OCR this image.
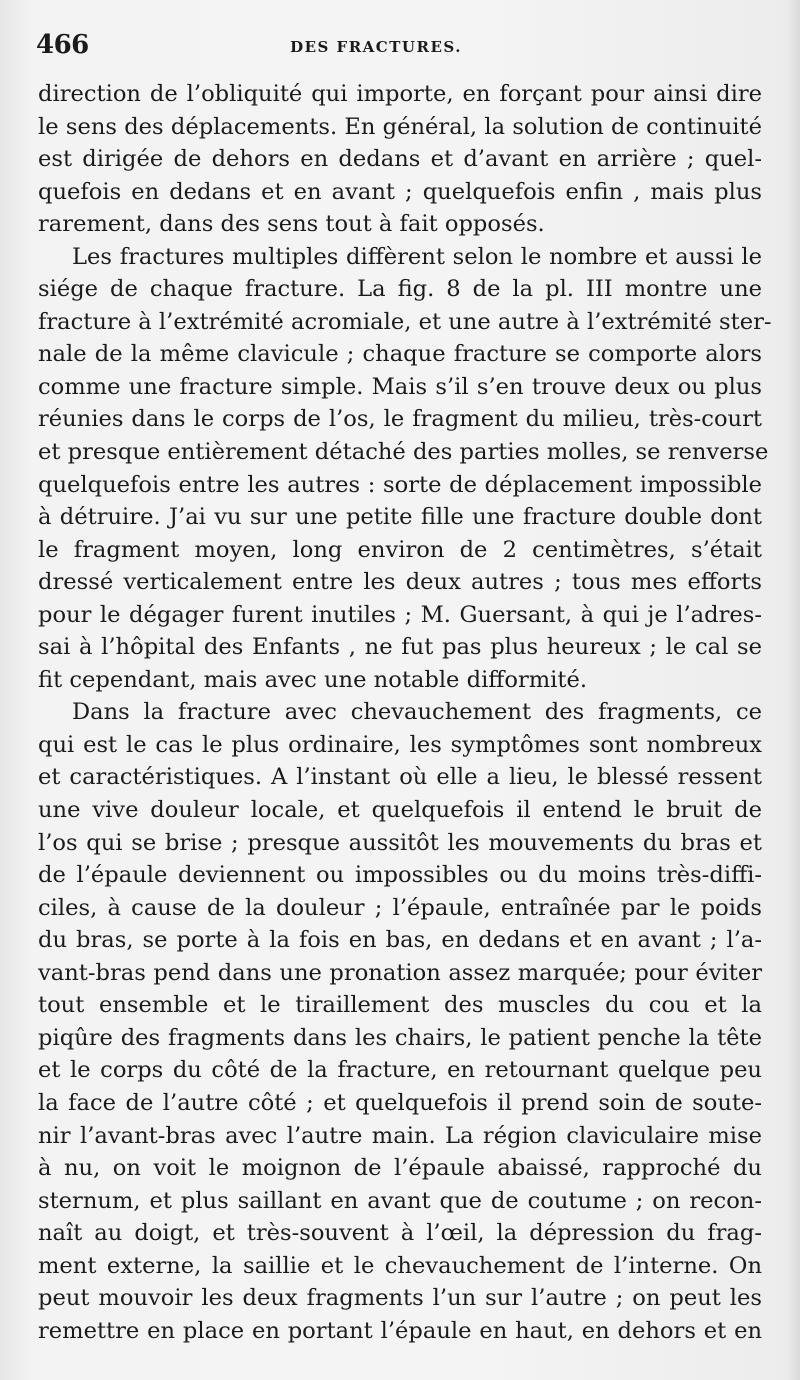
466	DES FRACTURES.
direction de l’obliquité qui importe, en forçant pour ainsi dire
le sens des déplacements. En général, la solution de continuité
est dirigée de dehors en dedans et d’avant en arrière ; quel-
quefois en dedans et en avant ; quelquefois enfin , mais plus
rarement, dans des sens tout à fait opposés.
Les fractures multiples diffèrent selon le nombre et aussi le
siége de chaque fracture. La fig. 8 de la pl. III montre une
fracture à l’extrémité acromiale, et une autre à l’extrémité ster-
nale de la même clavicule ; chaque fracture se comporte alors
comme une fracture simple. Mais s’il s’en trouve deux ou plus
réunies dans le corps de l’os, le fragment du milieu, très-court
et presque entièrement détaché des parties molles, se renverse
quelquefois entre les autres : sorte de déplacement impossible
à détruire. J’ai vu sur une petite fille une fracture double dont
le fragment moyen, long environ de 2 centimètres, s’était
dressé verticalement entre les deux autres ; tous mes efforts
pour le dégager furent inutiles ; M. Guersant, à qui je l’adres-
sai à l’hôpital des Enfants , ne fut pas plus heureux ; le cal se
fit cependant, mais avec une notable difformité.
Dans la fracture avec chevauchement des fragments, ce
qui est le cas le plus ordinaire, les symptômes sont nombreux
et caractéristiques. A l’instant où elle a lieu, le blessé ressent
une vive douleur locale, et quelquefois il entend le bruit de
l’os qui se brise ; presque aussitôt les mouvements du bras et
de l’épaule deviennent ou impossibles ou du moins très-diffi-
ciles, à cause de la douleur ; l’épaule, entraînée par le poids
du bras, se porte à la fois en bas, en dedans et en avant ; l’a-
vant-bras pend dans une pronation assez marquée; pour éviter
tout ensemble et le tiraillement des muscles du cou et la
piqûre des fragments dans les chairs, le patient penche la tête
et le corps du côté de la fracture, en retournant quelque peu
la face de l’autre côté ; et quelquefois il prend soin de soute-
nir l’avant-bras avec l’autre main. La région claviculaire mise
à nu, on voit le moignon de l’épaule abaissé, rapproché du
sternum, et plus saillant en avant que de coutume ; on recon-
naît au doigt, et très-souvent à l’œil, la dépression du frag-
ment externe, la saillie et le chevauchement de l’interne. On
peut mouvoir les deux fragments l’un sur l’autre ; on peut les
remettre en place en portant l’épaule en haut, en dehors et en
